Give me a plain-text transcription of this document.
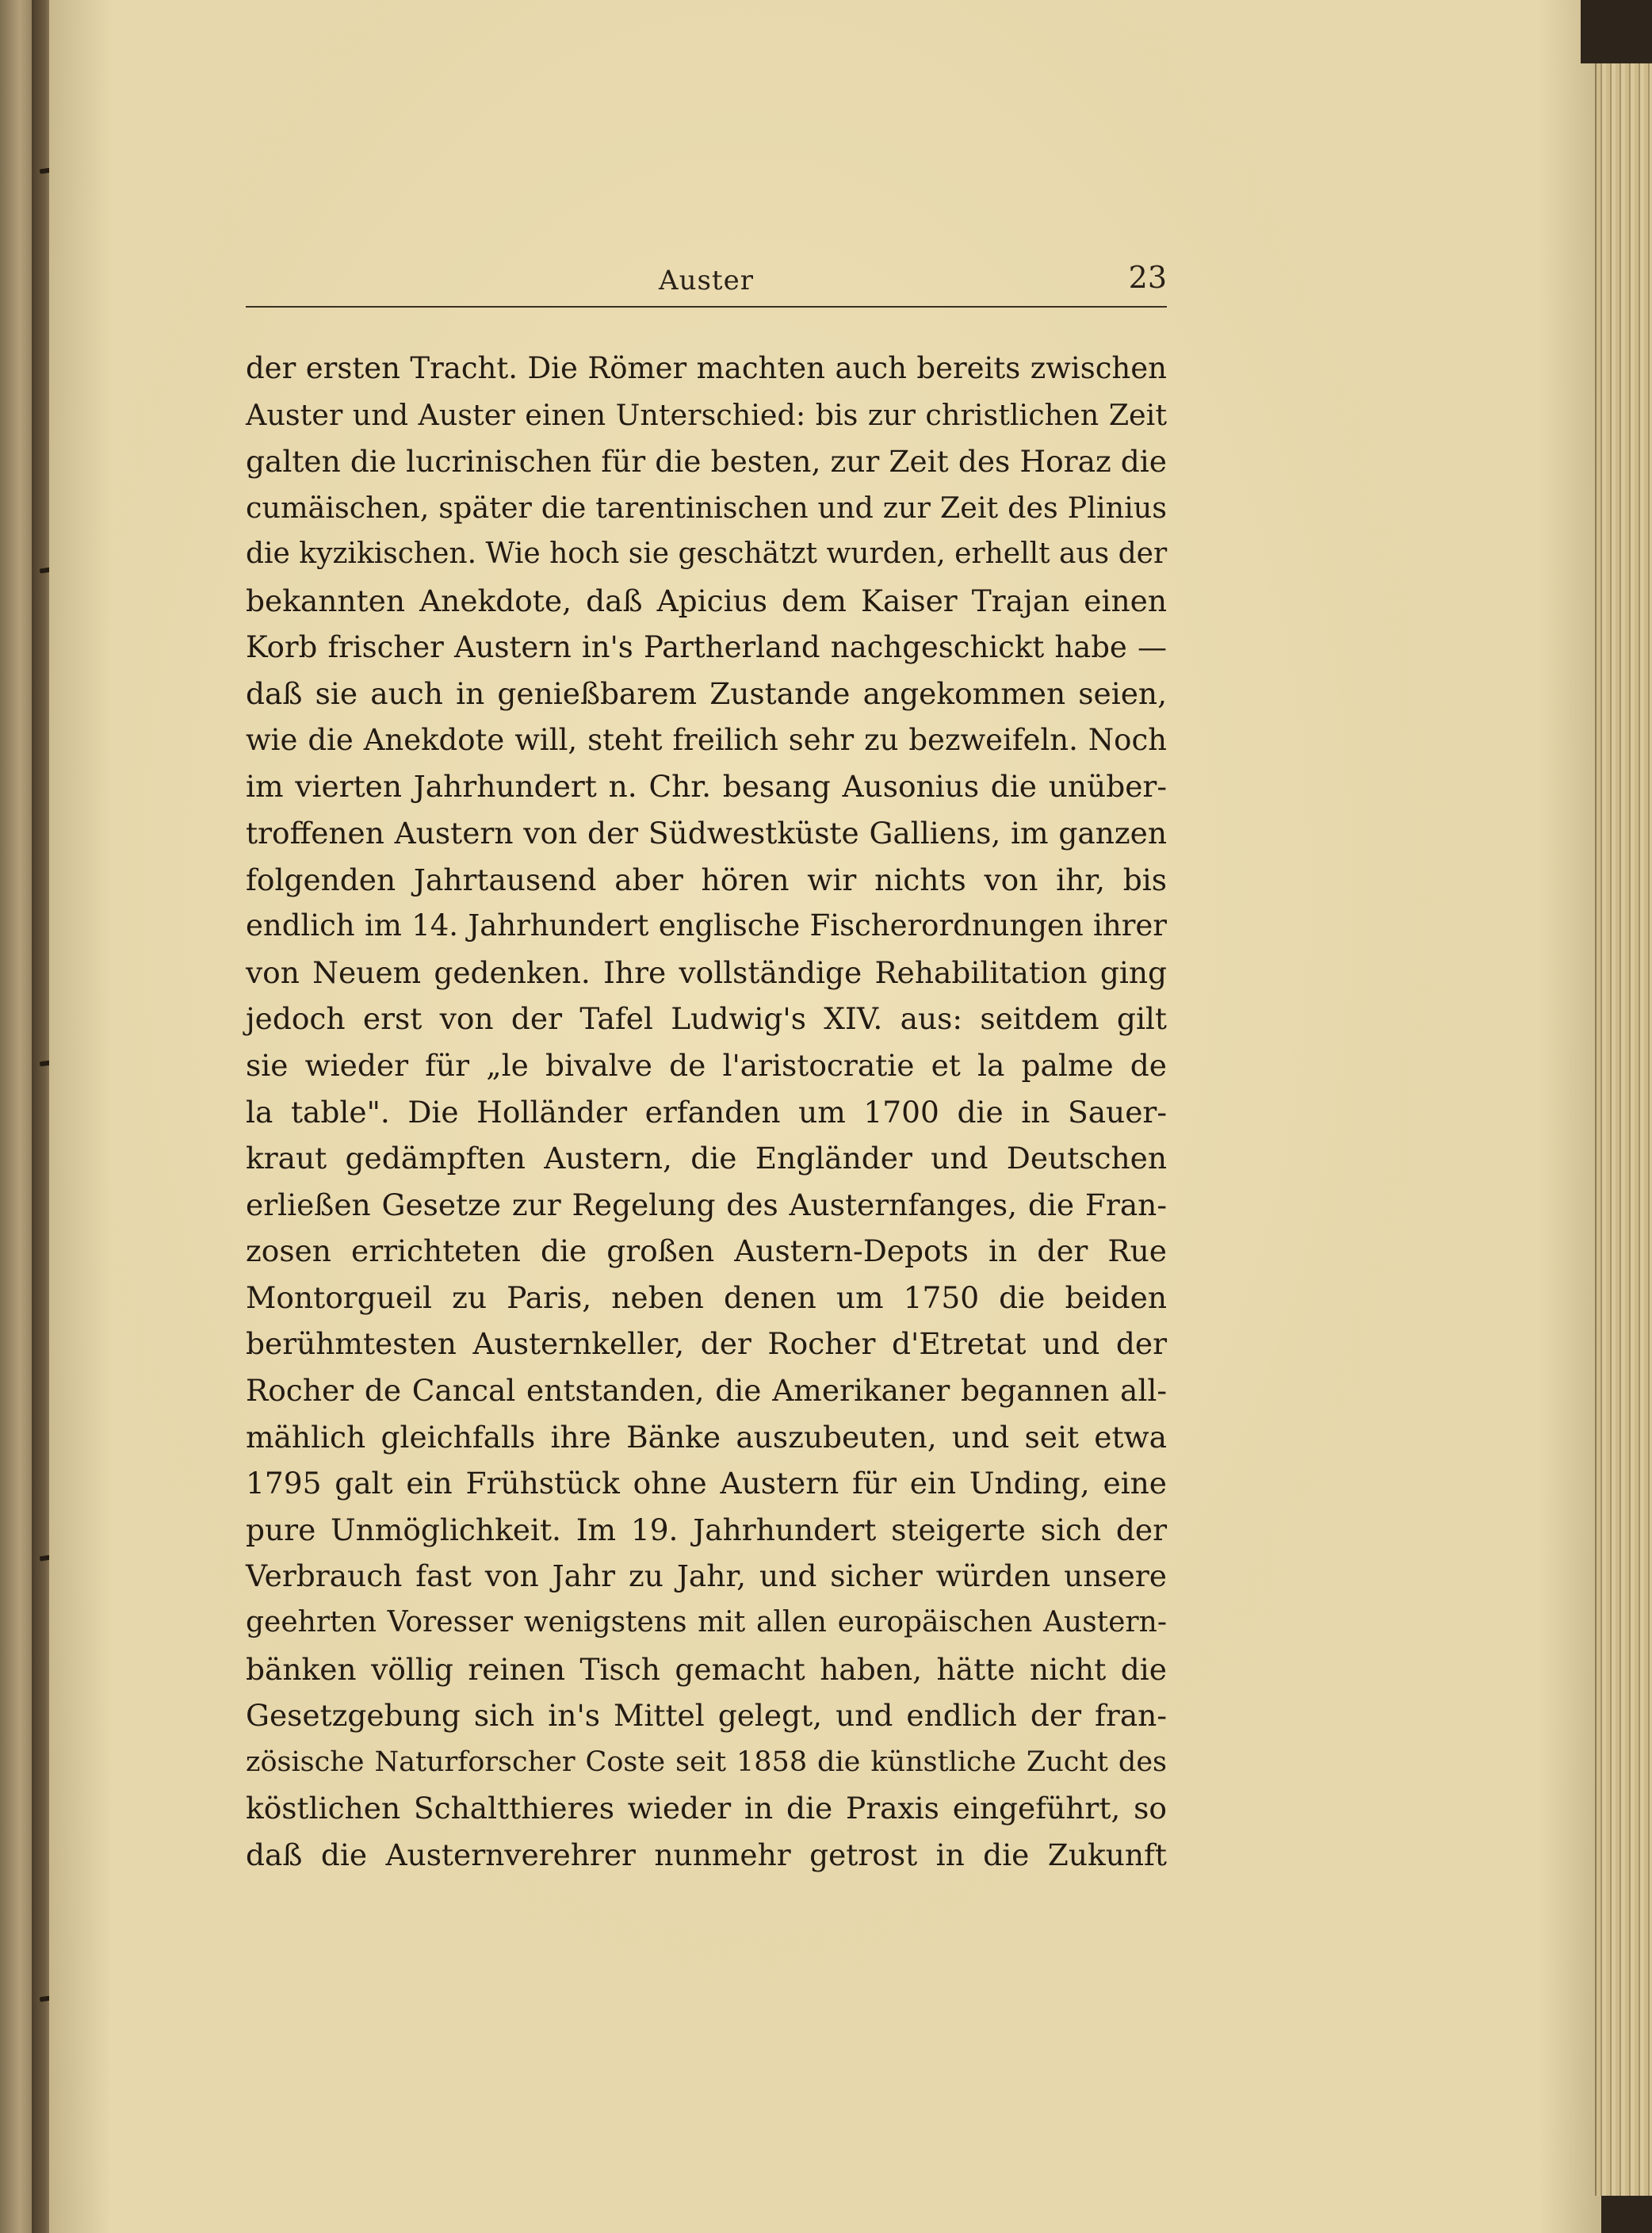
Auster	23
der ersten Tracht. Die Römer machten auch bereits zwischen
Auster und Auster einen Unterschied: bis zur christlichen Zeit
galten die lucrinischen für die besten, zur Zeit des Horaz die
cumäischen, später die tarentinischen und zur Zeit des Plinius
die kyzikischen. Wie hoch sie geschätzt wurden, erhellt aus der
bekannten Anekdote, daß Apicius dem Kaiser Trajan einen
Korb frischer Austern in's Partherland nachgeschickt habe —
daß sie auch in genießbarem Zustande angekommen seien,
wie die Anekdote will, steht freilich sehr zu bezweifeln. Noch
im vierten Jahrhundert n. Chr. besang Ausonius die unüber-
troffenen Austern von der Südwestküste Galliens, im ganzen
folgenden Jahrtausend aber hören wir nichts von ihr, bis
endlich im 14. Jahrhundert englische Fischerordnungen ihrer
von Neuem gedenken. Ihre vollständige Rehabilitation ging
jedoch erst von der Tafel Ludwig's XIV. aus: seitdem gilt
sie wieder für „le bivalve de l'aristocratie et la palme de
la table". Die Holländer erfanden um 1700 die in Sauer-
kraut gedämpften Austern, die Engländer und Deutschen
erließen Gesetze zur Regelung des Austernfanges, die Fran-
zosen errichteten die großen Austern-Depots in der Rue
Montorgueil zu Paris, neben denen um 1750 die beiden
berühmtesten Austernkeller, der Rocher d'Etretat und der
Rocher de Cancal entstanden, die Amerikaner begannen all-
mählich gleichfalls ihre Bänke auszubeuten, und seit etwa
1795 galt ein Frühstück ohne Austern für ein Unding, eine
pure Unmöglichkeit. Im 19. Jahrhundert steigerte sich der
Verbrauch fast von Jahr zu Jahr, und sicher würden unsere
geehrten Voresser wenigstens mit allen europäischen Austern-
bänken völlig reinen Tisch gemacht haben, hätte nicht die
Gesetzgebung sich in's Mittel gelegt, und endlich der fran-
zösische Naturforscher Coste seit 1858 die künstliche Zucht des
köstlichen Schaltthieres wieder in die Praxis eingeführt, so
daß die Austernverehrer nunmehr getrost in die Zukunft
